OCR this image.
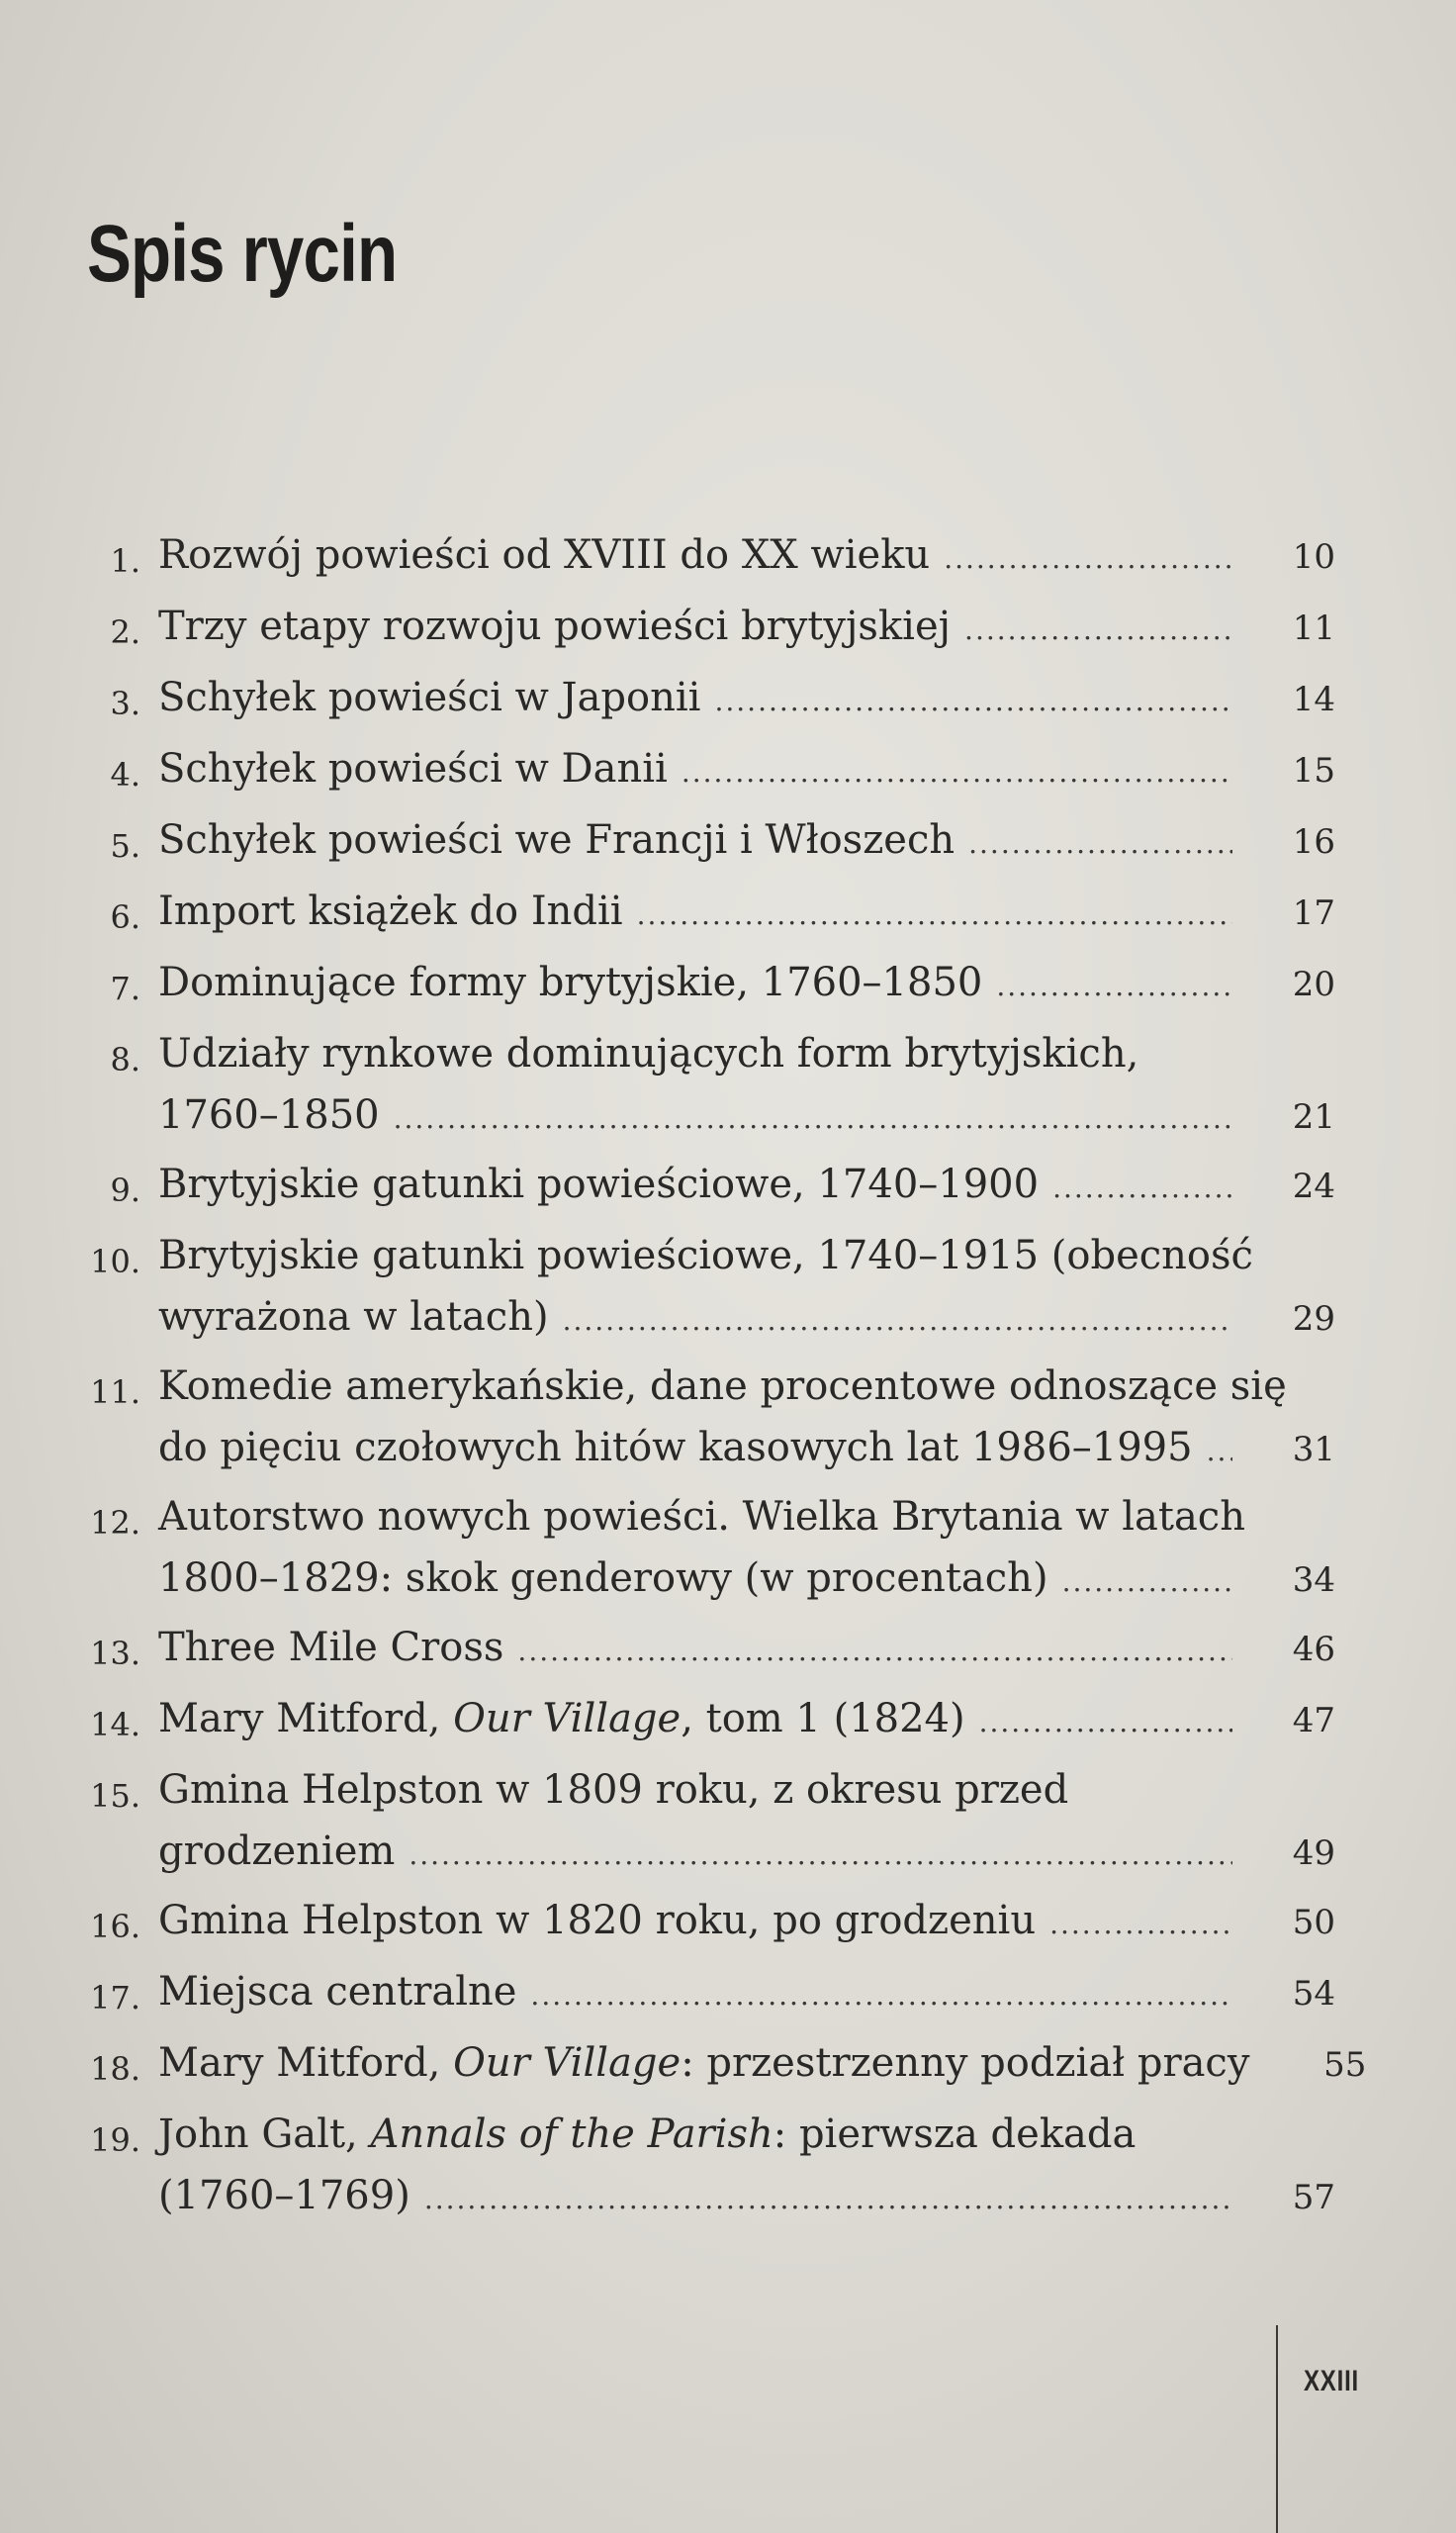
Spis rycin
1. Rozwój powieści od XVIII do XX wieku .....	10
2. Trzy etapy rozwoju powieści brytyjskiej .....	11
3. Schyłek powieści w Japonii .....	14
4. Schyłek powieści w Danii .....	15
5. Schyłek powieści we Francji i Włoszech .....	16
6. Import książek do Indii .....	17
7. Dominujące formy brytyjskie, 1760–1850 .....	20
8. Udziały rynkowe dominujących form brytyjskich,
1760–1850 .....	21
9. Brytyjskie gatunki powieściowe, 1740–1900 .....	24
10. Brytyjskie gatunki powieściowe, 1740–1915 (obecność
wyrażona w latach) .....	29
11. Komedie amerykańskie, dane procentowe odnoszące się
do pięciu czołowych hitów kasowych lat 1986–1995 .....	31
12. Autorstwo nowych powieści. Wielka Brytania w latach
1800–1829: skok genderowy (w procentach) .....	34
13. Three Mile Cross .....	46
14. Mary Mitford, Our Village, tom 1 (1824) .....	47
15. Gmina Helpston w 1809 roku, z okresu przed
grodzeniem .....	49
16. Gmina Helpston w 1820 roku, po grodzeniu .....	50
17. Miejsca centralne .....	54
18. Mary Mitford, Our Village: przestrzenny podział pracy	55
19. John Galt, Annals of the Parish: pierwsza dekada
(1760–1769) .....	57
XXIII
